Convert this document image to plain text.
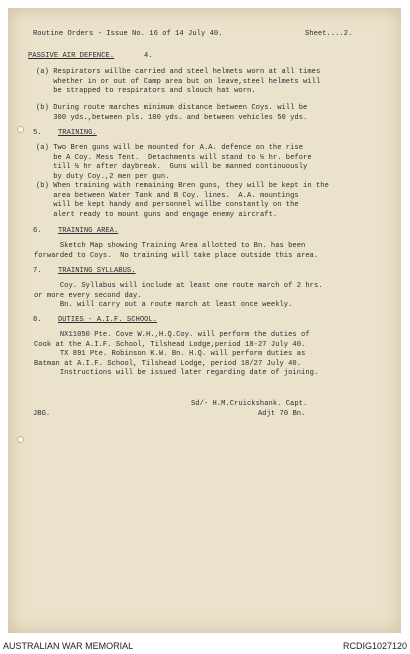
Routine Orders - Issue No. 16 of 14 July 40.	Sheet....2.
PASSIVE AIR DEFENCE.	4.
(a) Respirators willbe carried and steel helmets worn at all times
whether in or out of Camp area but on leave,steel helmets will
be strapped to respirators and slouch hat worn.
(b) During route marches minimum distance between Coys. will be
300 yds.,between pls. 100 yds. and between vehicles 50 yds.
5. TRAINING.
(a) Two Bren guns will be mounted for A.A. defence on the rise
be A Coy. Mess Tent.  Detachments will stand to ½ hr. before
till ½ hr after daybreak.  Guns will be manned continuously
by duty Coy.,2 men per gun.
(b) When training with remaining Bren guns, they will be kept in the
area between Water Tank and B Coy. lines.  A.A. mountings
will be kept handy and personnel willbe constantly on the
alert ready to mount guns and engage enemy aircraft.
6. TRAINING AREA.
Sketch Map showing Training Area allotted to Bn. has been
forwarded to Coys.  No training will take place outside this area.
7. TRAINING SYLLABUS.
Coy. Syllabus will include at least one route march of 2 hrs.
or more every second day.
Bn. will carry out a route march at least once weekly.
8. DUTIES - A.I.F. SCHOOL.
NX11050 Pte. Cove W.H.,H.Q.Coy. will perform the duties of
Cook at the A.I.F. School, Tilshead Lodge,period 18-27 July 40.
TX 891 Pte. Robinson K.W. Bn. H.Q. will perform duties as
Batman at A.I.F. School, Tilshead Lodge, period 18/27 July 40.
Instructions will be issued later regarding date of joining.
Sd/- H.M.Cruickshank. Capt.
Adjt 70 Bn.
JBG.
AUSTRALIAN WAR MEMORIAL	RCDIG1027120
